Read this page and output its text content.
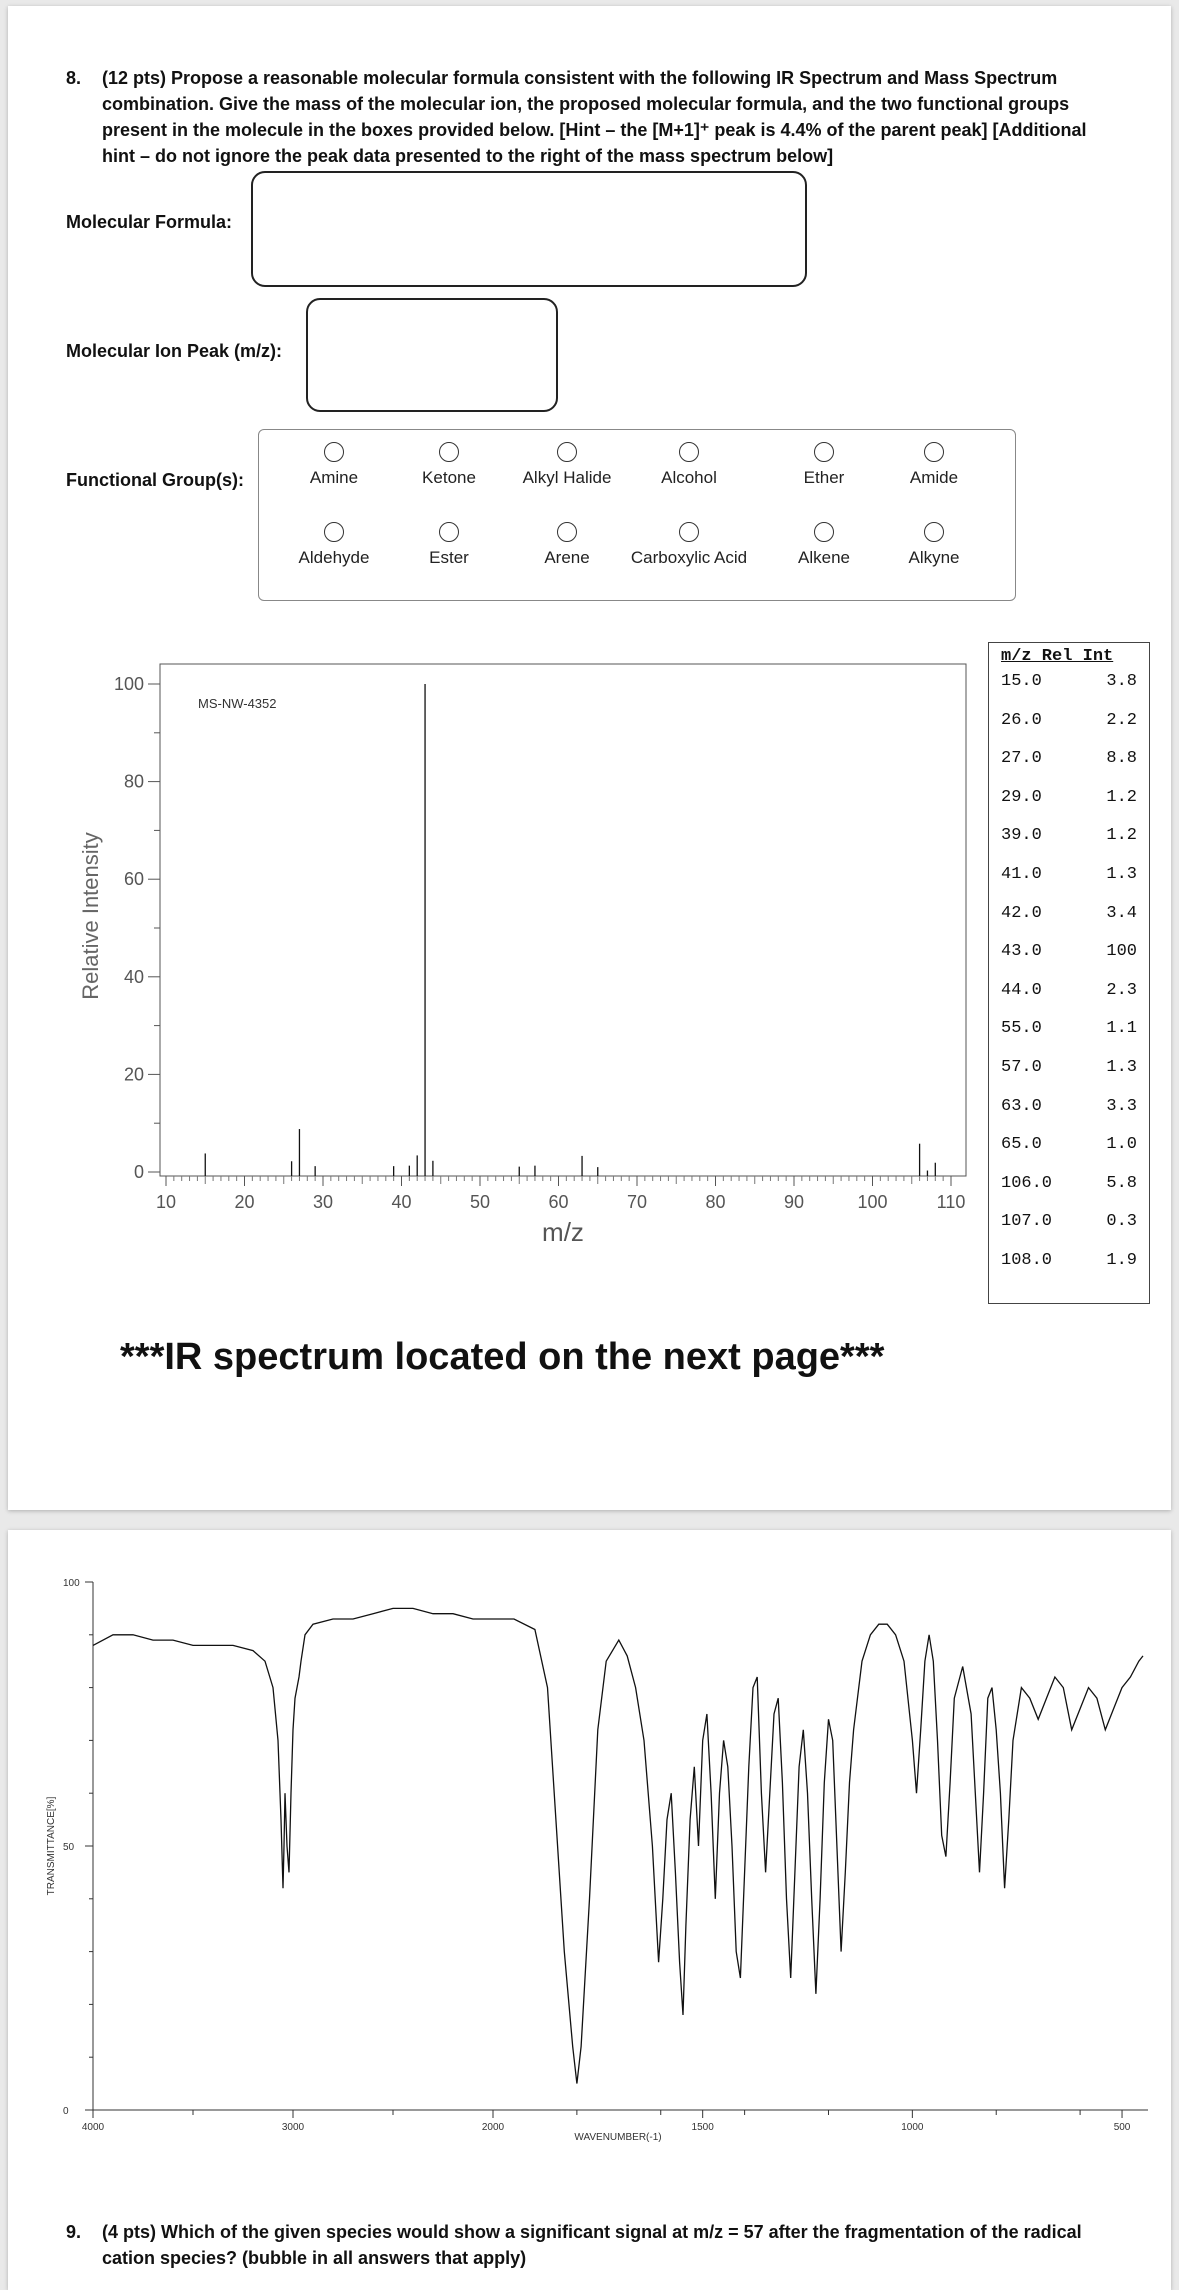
8. (12 pts) Propose a reasonable molecular formula consistent with the following IR Spectrum and Mass Spectrum
combination. Give the mass of the molecular ion, the proposed molecular formula, and the two functional groups
present in the molecule in the boxes provided below. [Hint – the [M+1]⁺ peak is 4.4% of the parent peak] [Additional
hint – do not ignore the peak data presented to the right of the mass spectrum below]
Molecular Formula:
Molecular Ion Peak (m/z):
Functional Group(s):	Amine	Ketone	Alkyl Halide	Alcohol	Ether	Amide
Aldehyde	Ester	Arene	Carboxylic Acid	Alkene	Alkyne
0
20
40
60
80
100
10	20	30	40	50	60	70	80	90	100	110
MS-NW-4352
m/z
Relative Intensity
m/z Rel Int
15.0	3.8
26.0	2.2
27.0	8.8
29.0	1.2
39.0	1.2
41.0	1.3
42.0	3.4
43.0	100
44.0	2.3
55.0	1.1
57.0	1.3
63.0	3.3
65.0	1.0
106.0	5.8
107.0	0.3
108.0	1.9
***IR spectrum located on the next page***
0
50
100
4000	3000	2000	1500	1000	500
WAVENUMBER(-1)
TRANSMITTANCE[%]
9. (4 pts) Which of the given species would show a significant signal at m/z = 57 after the fragmentation of the radical
cation species? (bubble in all answers that apply)
